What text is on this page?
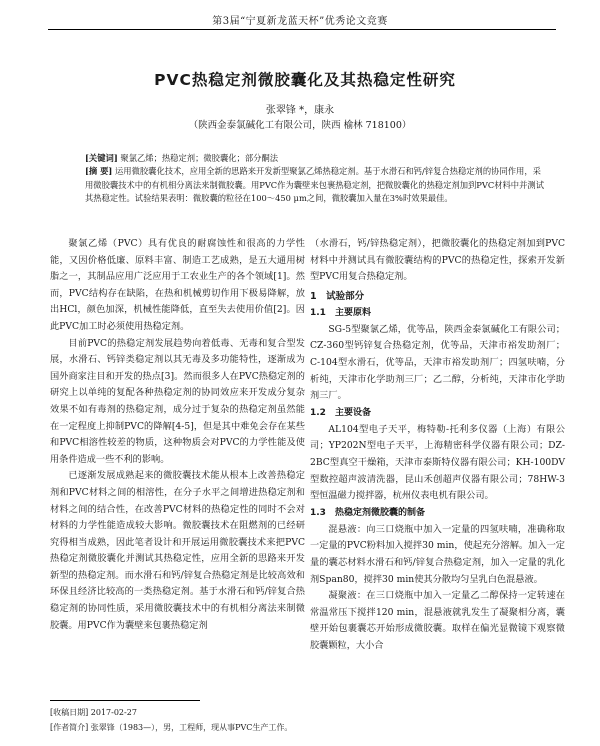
第3届“宁夏新龙蓝天杯”优秀论文竞赛
PVC热稳定剂微胶囊化及其热稳定性研究
张翠锋 *，康永
（陕西金泰氯碱化工有限公司，陕西 榆林 718100）
[关键词] 聚氯乙烯；热稳定剂；微胶囊化；部分酮法
[摘 要] 运用微胶囊化技术，应用全新的思路来开发新型聚氯乙烯热稳定剂。基于水滑石和钙/锌复合热稳定剂的协同作用，采用微胶囊技术中的有机相分离法来制微胶囊。用PVC作为囊壁来包裹热稳定剂，把微胶囊化的热稳定剂加到PVC材料中并测试其热稳定性。试验结果表明：微胶囊的粒径在100～450 μm之间，微胶囊加入量在3%时效果最佳。

聚氯乙烯（PVC）具有优良的耐腐蚀性和很高的力学性能，又因价格低廉、原料丰富、制造工艺成熟，是五大通用树脂之一，其制品应用广泛应用于工农业生产的各个领域[1]。然而，PVC结构存在缺陷，在热和机械剪切作用下极易降解，放出HCl，颜色加深，机械性能降低，直至失去使用价值[2]。因此PVC加工时必须使用热稳定剂。

目前PVC的热稳定剂发展趋势向着低毒、无毒和复合型发展，水滑石、钙锌类稳定剂以其无毒及多功能特性，逐渐成为国外商家注目和开发的热点[3]。然而很多人在PVC热稳定剂的研究上以单纯的复配各种热稳定剂的协同效应来开发成分复杂效果不如有毒剂的热稳定剂，成分过于复杂的热稳定剂虽然能在一定程度上抑制PVC的降解[4-5]，但是其中难免会存在某些和PVC相溶性较差的物质，这种物质会对PVC的力学性能及使用条件造成一些不利的影响。

已逐渐发展成熟起来的微胶囊技术能从根本上改善热稳定剂和PVC材料之间的相溶性，在分子水平之间增进热稳定剂和材料之间的结合性，在改善PVC材料的热稳定性的同时不会对材料的力学性能造成较大影响。微胶囊技术在阻燃剂的已经研究得相当成熟，因此笔者设计和开展运用微胶囊技术来把PVC热稳定剂微胶囊化并测试其热稳定性，应用全新的思路来开发新型的热稳定剂。而水滑石和钙/锌复合热稳定剂是比较高效和环保且经济比较高的一类热稳定剂。基于水滑石和钙/锌复合热稳定剂的协同性质，采用微胶囊技术中的有机相分离法来制微胶囊。用PVC作为囊壁来包裹热稳定剂

（水滑石，钙/锌热稳定剂），把微胶囊化的热稳定剂加到PVC材料中并测试具有微胶囊结构的PVC的热稳定性，探索开发新型PVC用复合热稳定剂。

1　试验部分
1.1　主要原料

SG-5型聚氯乙烯，优等品，陕西金泰氯碱化工有限公司；CZ-360型钙锌复合热稳定剂，优等品，天津市裕发助剂厂；C-104型水滑石，优等品，天津市裕发助剂厂；四氢呋喃，分析纯，天津市化学助剂三厂；乙二醇，分析纯，天津市化学助剂三厂。

1.2　主要设备

AL104型电子天平，梅特勒-托利多仪器（上海）有限公司；YP202N型电子天平，上海精密科学仪器有限公司；DZ-2BC型真空干燥箱，天津市泰斯特仪器有限公司；KH-100DV型数控超声波清洗器，昆山禾创超声仪器有限公司；78HW-3型恒温磁力搅拌器，杭州仪表电机有限公司。

1.3　热稳定剂微胶囊的制备

混悬液：向三口烧瓶中加入一定量的四氢呋喃，准确称取一定量的PVC粉料加入搅拌30 min，使起充分溶解。加入一定量的囊芯材料水滑石和钙/锌复合热稳定剂，加入一定量的乳化剂Span80，搅拌30 min使其分散均匀呈乳白色混悬液。

凝聚液：在三口烧瓶中加入一定量乙二醇保持一定转速在常温常压下搅拌120 min，混悬液就乳发生了凝聚相分离，囊壁开始包裹囊芯开始形成微胶囊。取样在偏光显微镜下观察微胶囊颗粒，大小合

[收稿日期] 2017-02-27
[作者简介] 张翠锋（1983—），男，工程师，现从事PVC生产工作。
